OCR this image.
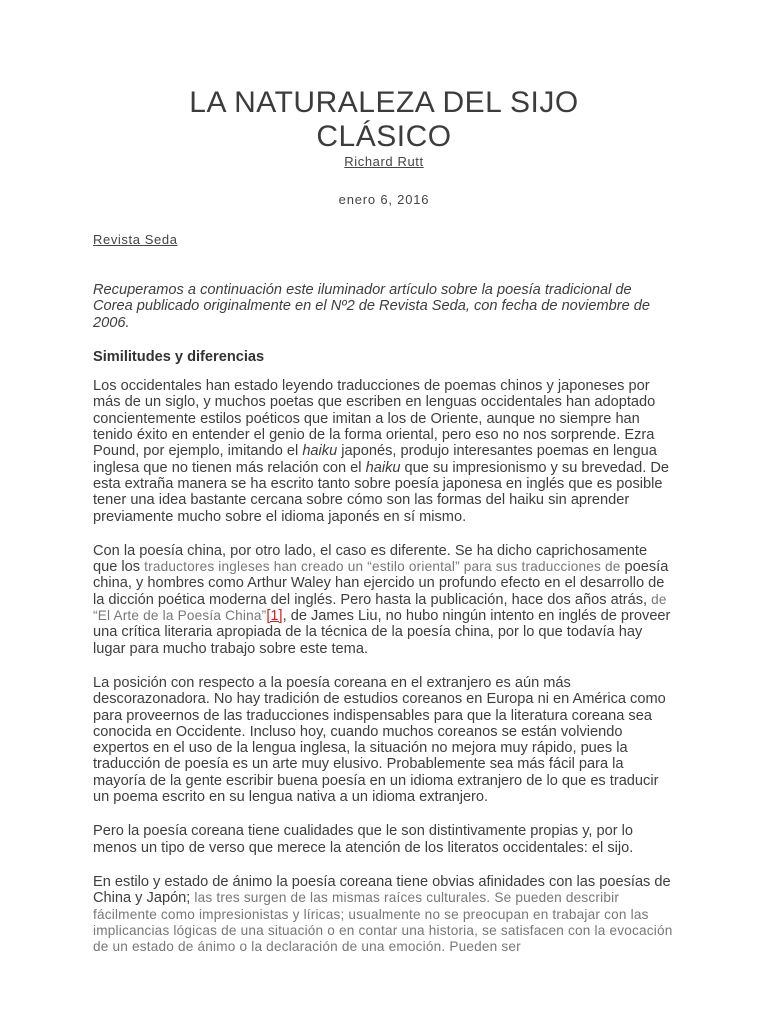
LA NATURALEZA DEL SIJO
CLÁSICO
Richard Rutt
enero 6, 2016
Revista Seda

Recuperamos a continuación este iluminador artículo sobre la poesía tradicional de Corea publicado originalmente en el Nº2 de Revista Seda, con fecha de noviembre de 2006.

Similitudes y diferencias

Los occidentales han estado leyendo traducciones de poemas chinos y japoneses por más de un siglo, y muchos poetas que escriben en lenguas occidentales han adoptado concientemente estilos poéticos que imitan a los de Oriente, aunque no siempre han tenido éxito en entender el genio de la forma oriental, pero eso no nos sorprende. Ezra Pound, por ejemplo, imitando el haiku japonés, produjo interesantes poemas en lengua inglesa que no tienen más relación con el haiku que su impresionismo y su brevedad. De esta extraña manera se ha escrito tanto sobre poesía japonesa en inglés que es posible tener una idea bastante cercana sobre cómo son las formas del haiku sin aprender previamente mucho sobre el idioma japonés en sí mismo.

Con la poesía china, por otro lado, el caso es diferente. Se ha dicho caprichosamente que los traductores ingleses han creado un “estilo oriental” para sus traducciones de poesía china, y hombres como Arthur Waley han ejercido un profundo efecto en el desarrollo de la dicción poética moderna del inglés. Pero hasta la publicación, hace dos años atrás, de “El Arte de la Poesía China”[1], de James Liu, no hubo ningún intento en inglés de proveer una crítica literaria apropiada de la técnica de la poesía china, por lo que todavía hay lugar para mucho trabajo sobre este tema.

La posición con respecto a la poesía coreana en el extranjero es aún más descorazonadora. No hay tradición de estudios coreanos en Europa ni en América como para proveernos de las traducciones indispensables para que la literatura coreana sea conocida en Occidente. Incluso hoy, cuando muchos coreanos se están volviendo expertos en el uso de la lengua inglesa, la situación no mejora muy rápido, pues la traducción de poesía es un arte muy elusivo. Probablemente sea más fácil para la mayoría de la gente escribir buena poesía en un idioma extranjero de lo que es traducir un poema escrito en su lengua nativa a un idioma extranjero.

Pero la poesía coreana tiene cualidades que le son distintivamente propias y, por lo menos un tipo de verso que merece la atención de los literatos occidentales: el sijo.

En estilo y estado de ánimo la poesía coreana tiene obvias afinidades con las poesías de China y Japón; las tres surgen de las mismas raíces culturales. Se pueden describir fácilmente como impresionistas y líricas; usualmente no se preocupan en trabajar con las implicancias lógicas de una situación o en contar una historia, se satisfacen con la evocación de un estado de ánimo o la declaración de una emoción. Pueden ser
